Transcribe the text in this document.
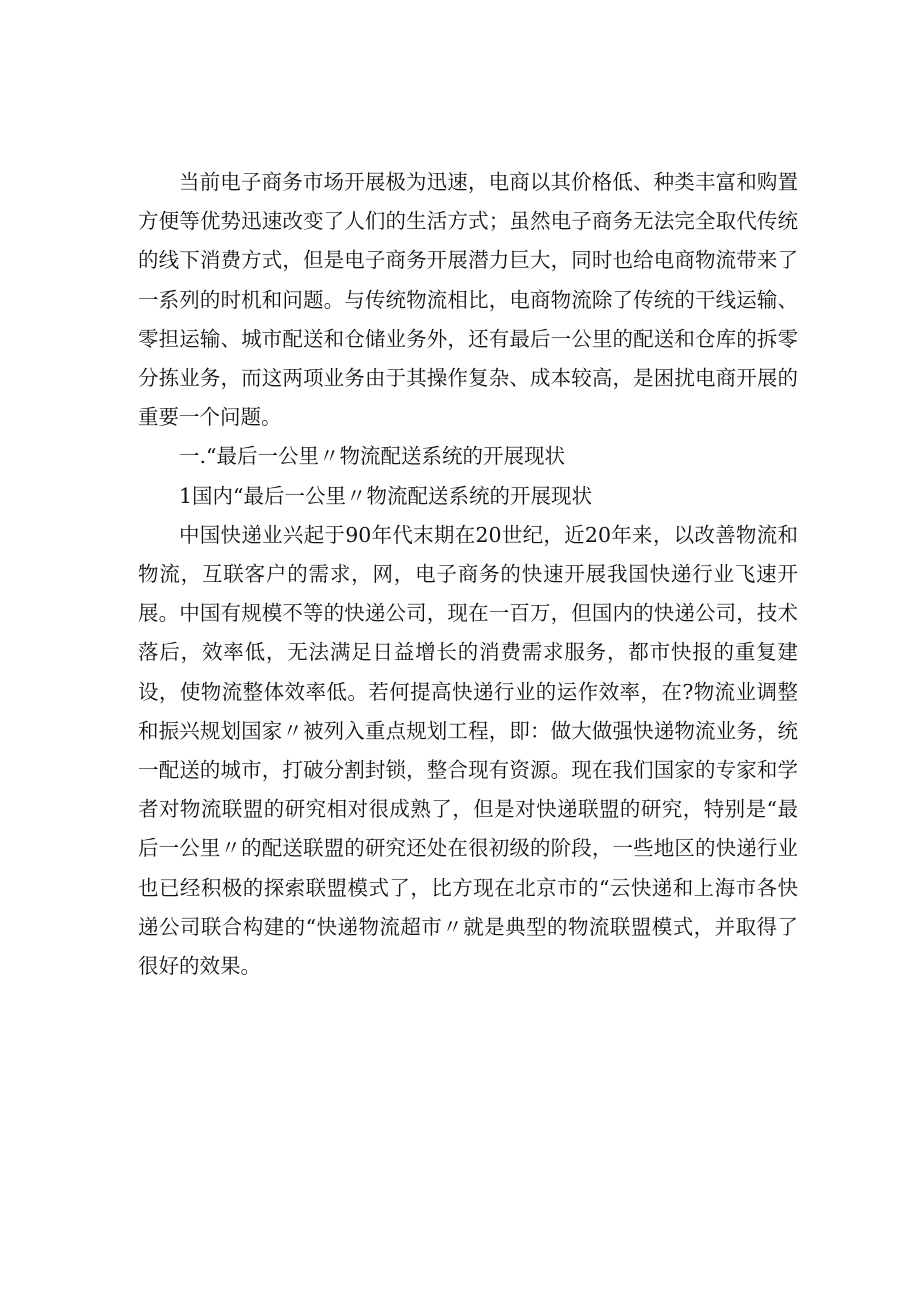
当前电子商务市场开展极为迅速，电商以其价格低、种类丰富和购置方便等优势迅速改变了人们的生活方式；虽然电子商务无法完全取代传统的线下消费方式，但是电子商务开展潜力巨大，同时也给电商物流带来了一系列的时机和问题。与传统物流相比，电商物流除了传统的干线运输、零担运输、城市配送和仓储业务外，还有最后一公里的配送和仓库的拆零分拣业务，而这两项业务由于其操作复杂、成本较高，是困扰电商开展的重要一个问题。

一.“最后一公里〃物流配送系统的开展现状

1国内“最后一公里〃物流配送系统的开展现状

中国快递业兴起于90年代末期在20世纪，近20年来，以改善物流和物流，互联客户的需求，网，电子商务的快速开展我国快递行业飞速开展。中国有规模不等的快递公司，现在一百万，但国内的快递公司，技术落后，效率低，无法满足日益增长的消费需求服务，都市快报的重复建设，使物流整体效率低。若何提高快递行业的运作效率，在?物流业调整和振兴规划国家〃被列入重点规划工程，即：做大做强快递物流业务，统一配送的城市，打破分割封锁，整合现有资源。现在我们国家的专家和学者对物流联盟的研究相对很成熟了，但是对快递联盟的研究，特别是“最后一公里〃的配送联盟的研究还处在很初级的阶段，一些地区的快递行业也已经积极的探索联盟模式了，比方现在北京市的“云快递和上海市各快递公司联合构建的“快递物流超市〃就是典型的物流联盟模式，并取得了很好的效果。
